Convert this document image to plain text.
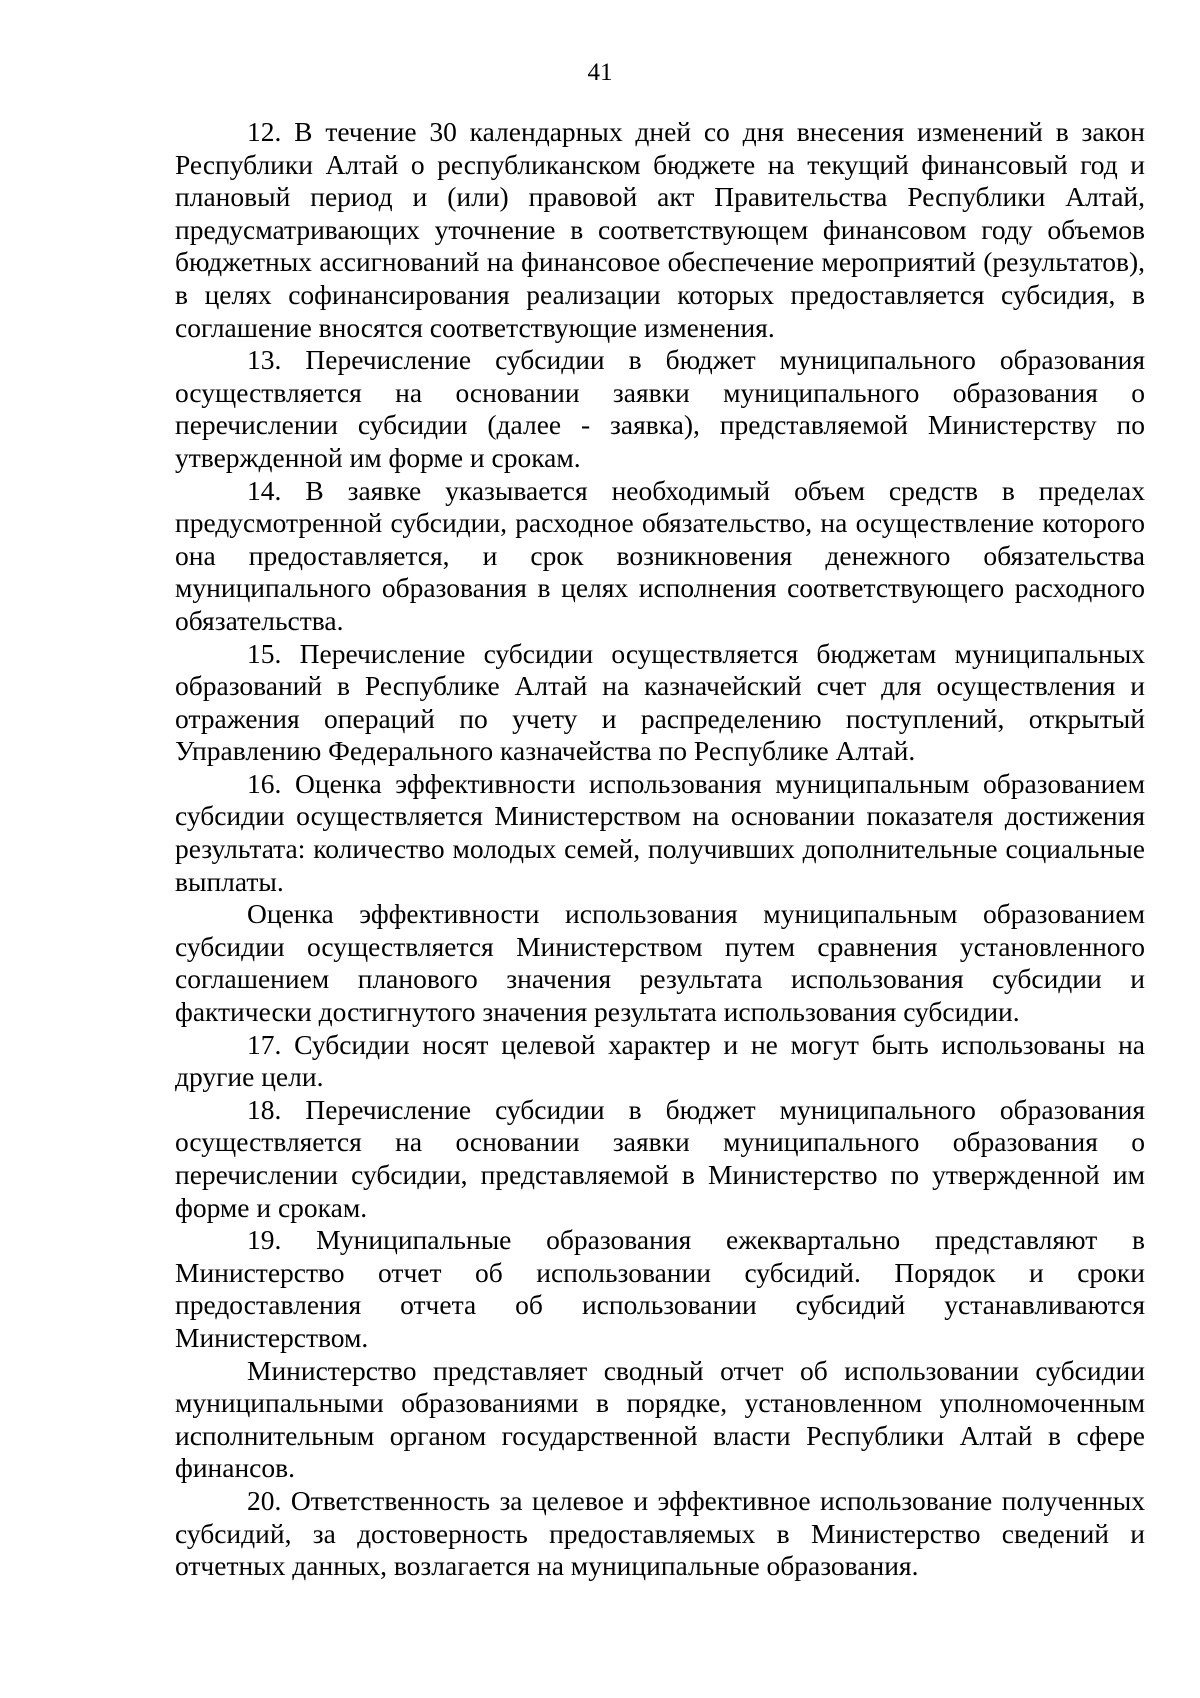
41

12. В течение 30 календарных дней со дня внесения изменений в закон Республики Алтай о республиканском бюджете на текущий финансовый год и плановый период и (или) правовой акт Правительства Республики Алтай, предусматривающих уточнение в соответствующем финансовом году объемов бюджетных ассигнований на финансовое обеспечение мероприятий (результатов), в целях софинансирования реализации которых предоставляется субсидия, в соглашение вносятся соответствующие изменения.

13. Перечисление субсидии в бюджет муниципального образования осуществляется на основании заявки муниципального образования о перечислении субсидии (далее - заявка), представляемой Министерству по утвержденной им форме и срокам.

14. В заявке указывается необходимый объем средств в пределах предусмотренной субсидии, расходное обязательство, на осуществление которого она предоставляется, и срок возникновения денежного обязательства муниципального образования в целях исполнения соответствующего расходного обязательства.

15. Перечисление субсидии осуществляется бюджетам муниципальных образований в Республике Алтай на казначейский счет для осуществления и отражения операций по учету и распределению поступлений, открытый Управлению Федерального казначейства по Республике Алтай.

16. Оценка эффективности использования муниципальным образованием субсидии осуществляется Министерством на основании показателя достижения результата: количество молодых семей, получивших дополнительные социальные выплаты.

Оценка эффективности использования муниципальным образованием субсидии осуществляется Министерством путем сравнения установленного соглашением планового значения результата использования субсидии и фактически достигнутого значения результата использования субсидии.

17. Субсидии носят целевой характер и не могут быть использованы на другие цели.

18. Перечисление субсидии в бюджет муниципального образования осуществляется на основании заявки муниципального образования о перечислении субсидии, представляемой в Министерство по утвержденной им форме и срокам.

19. Муниципальные образования ежеквартально представляют в Министерство отчет об использовании субсидий. Порядок и сроки предоставления отчета об использовании субсидий устанавливаются Министерством.

Министерство представляет сводный отчет об использовании субсидии муниципальными образованиями в порядке, установленном уполномоченным исполнительным органом государственной власти Республики Алтай в сфере финансов.

20. Ответственность за целевое и эффективное использование полученных субсидий, за достоверность предоставляемых в Министерство сведений и отчетных данных, возлагается на муниципальные образования.
